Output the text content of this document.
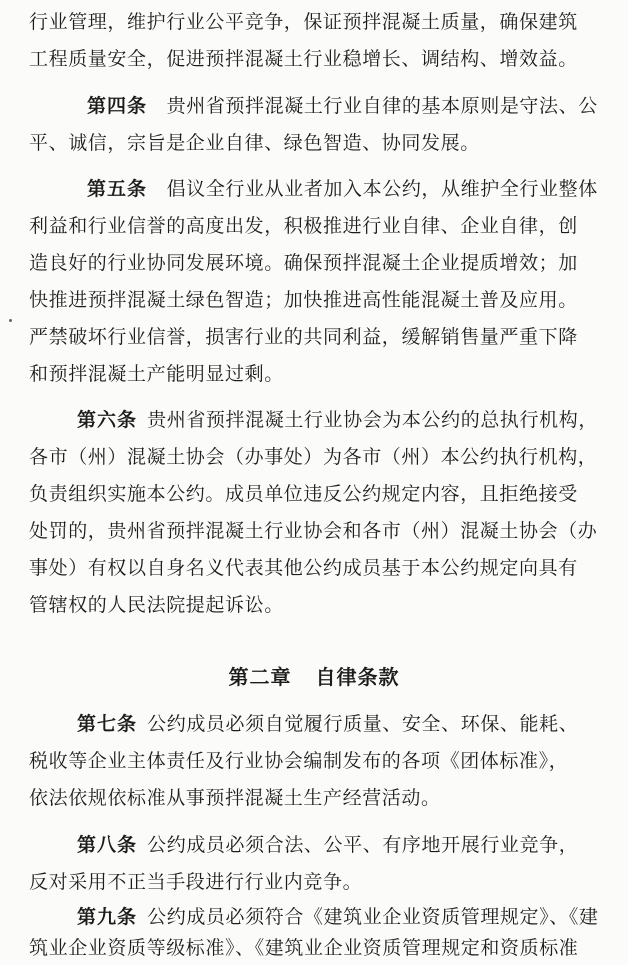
行业管理，维护行业公平竞争，保证预拌混凝土质量，确保建筑
工程质量安全，促进预拌混凝土行业稳增长、调结构、增效益。
第四条  贵州省预拌混凝土行业自律的基本原则是守法、公
平、诚信，宗旨是企业自律、绿色智造、协同发展。
第五条  倡议全行业从业者加入本公约，从维护全行业整体
利益和行业信誉的高度出发，积极推进行业自律、企业自律，创
造良好的行业协同发展环境。确保预拌混凝土企业提质增效；加
快推进预拌混凝土绿色智造；加快推进高性能混凝土普及应用。
严禁破坏行业信誉，损害行业的共同利益，缓解销售量严重下降
和预拌混凝土产能明显过剩。
第六条  贵州省预拌混凝土行业协会为本公约的总执行机构，
各市（州）混凝土协会（办事处）为各市（州）本公约执行机构，
负责组织实施本公约。成员单位违反公约规定内容，且拒绝接受
处罚的，贵州省预拌混凝土行业协会和各市（州）混凝土协会（办
事处）有权以自身名义代表其他公约成员基于本公约规定向具有
管辖权的人民法院提起诉讼。
第二章 自律条款
第七条  公约成员必须自觉履行质量、安全、环保、能耗、
税收等企业主体责任及行业协会编制发布的各项《团体标准》，
依法依规依标准从事预拌混凝土生产经营活动。
第八条  公约成员必须合法、公平、有序地开展行业竞争，
反对采用不正当手段进行行业内竞争。
第九条  公约成员必须符合《建筑业企业资质管理规定》、《建
筑业企业资质等级标准》、《建筑业企业资质管理规定和资质标准
